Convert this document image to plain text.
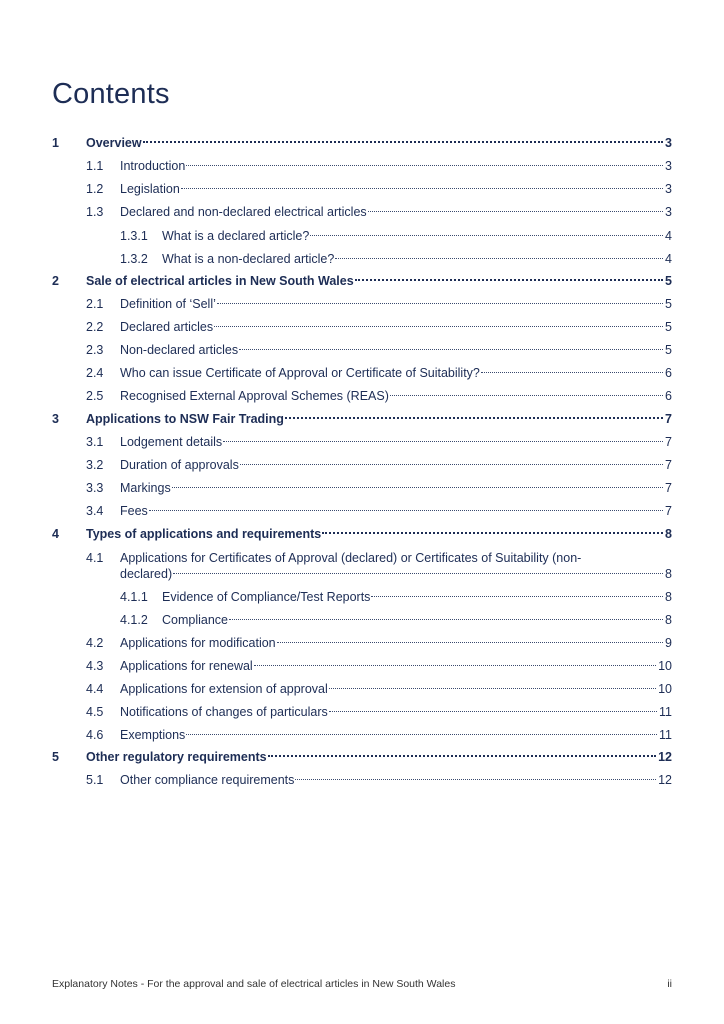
Contents
1 Overview	3
1.1 Introduction	3
1.2 Legislation	3
1.3 Declared and non-declared electrical articles	3
1.3.1 What is a declared article?	4
1.3.2 What is a non-declared article?	4
2 Sale of electrical articles in New South Wales	5
2.1 Definition of ‘Sell’	5
2.2 Declared articles	5
2.3 Non-declared articles	5
2.4 Who can issue Certificate of Approval or Certificate of Suitability?	6
2.5 Recognised External Approval Schemes (REAS)	6
3 Applications to NSW Fair Trading	7
3.1 Lodgement details	7
3.2 Duration of approvals	7
3.3 Markings	7
3.4 Fees	7
4 Types of applications and requirements	8
4.1 Applications for Certificates of Approval (declared) or Certificates of Suitability (non-
declared)	8
4.1.1 Evidence of Compliance/Test Reports	8
4.1.2 Compliance	8
4.2 Applications for modification	9
4.3 Applications for renewal	10
4.4 Applications for extension of approval	10
4.5 Notifications of changes of particulars	11
4.6 Exemptions	11
5 Other regulatory requirements	12
5.1 Other compliance requirements	12
Explanatory Notes - For the approval and sale of electrical articles in New South Wales	ii
